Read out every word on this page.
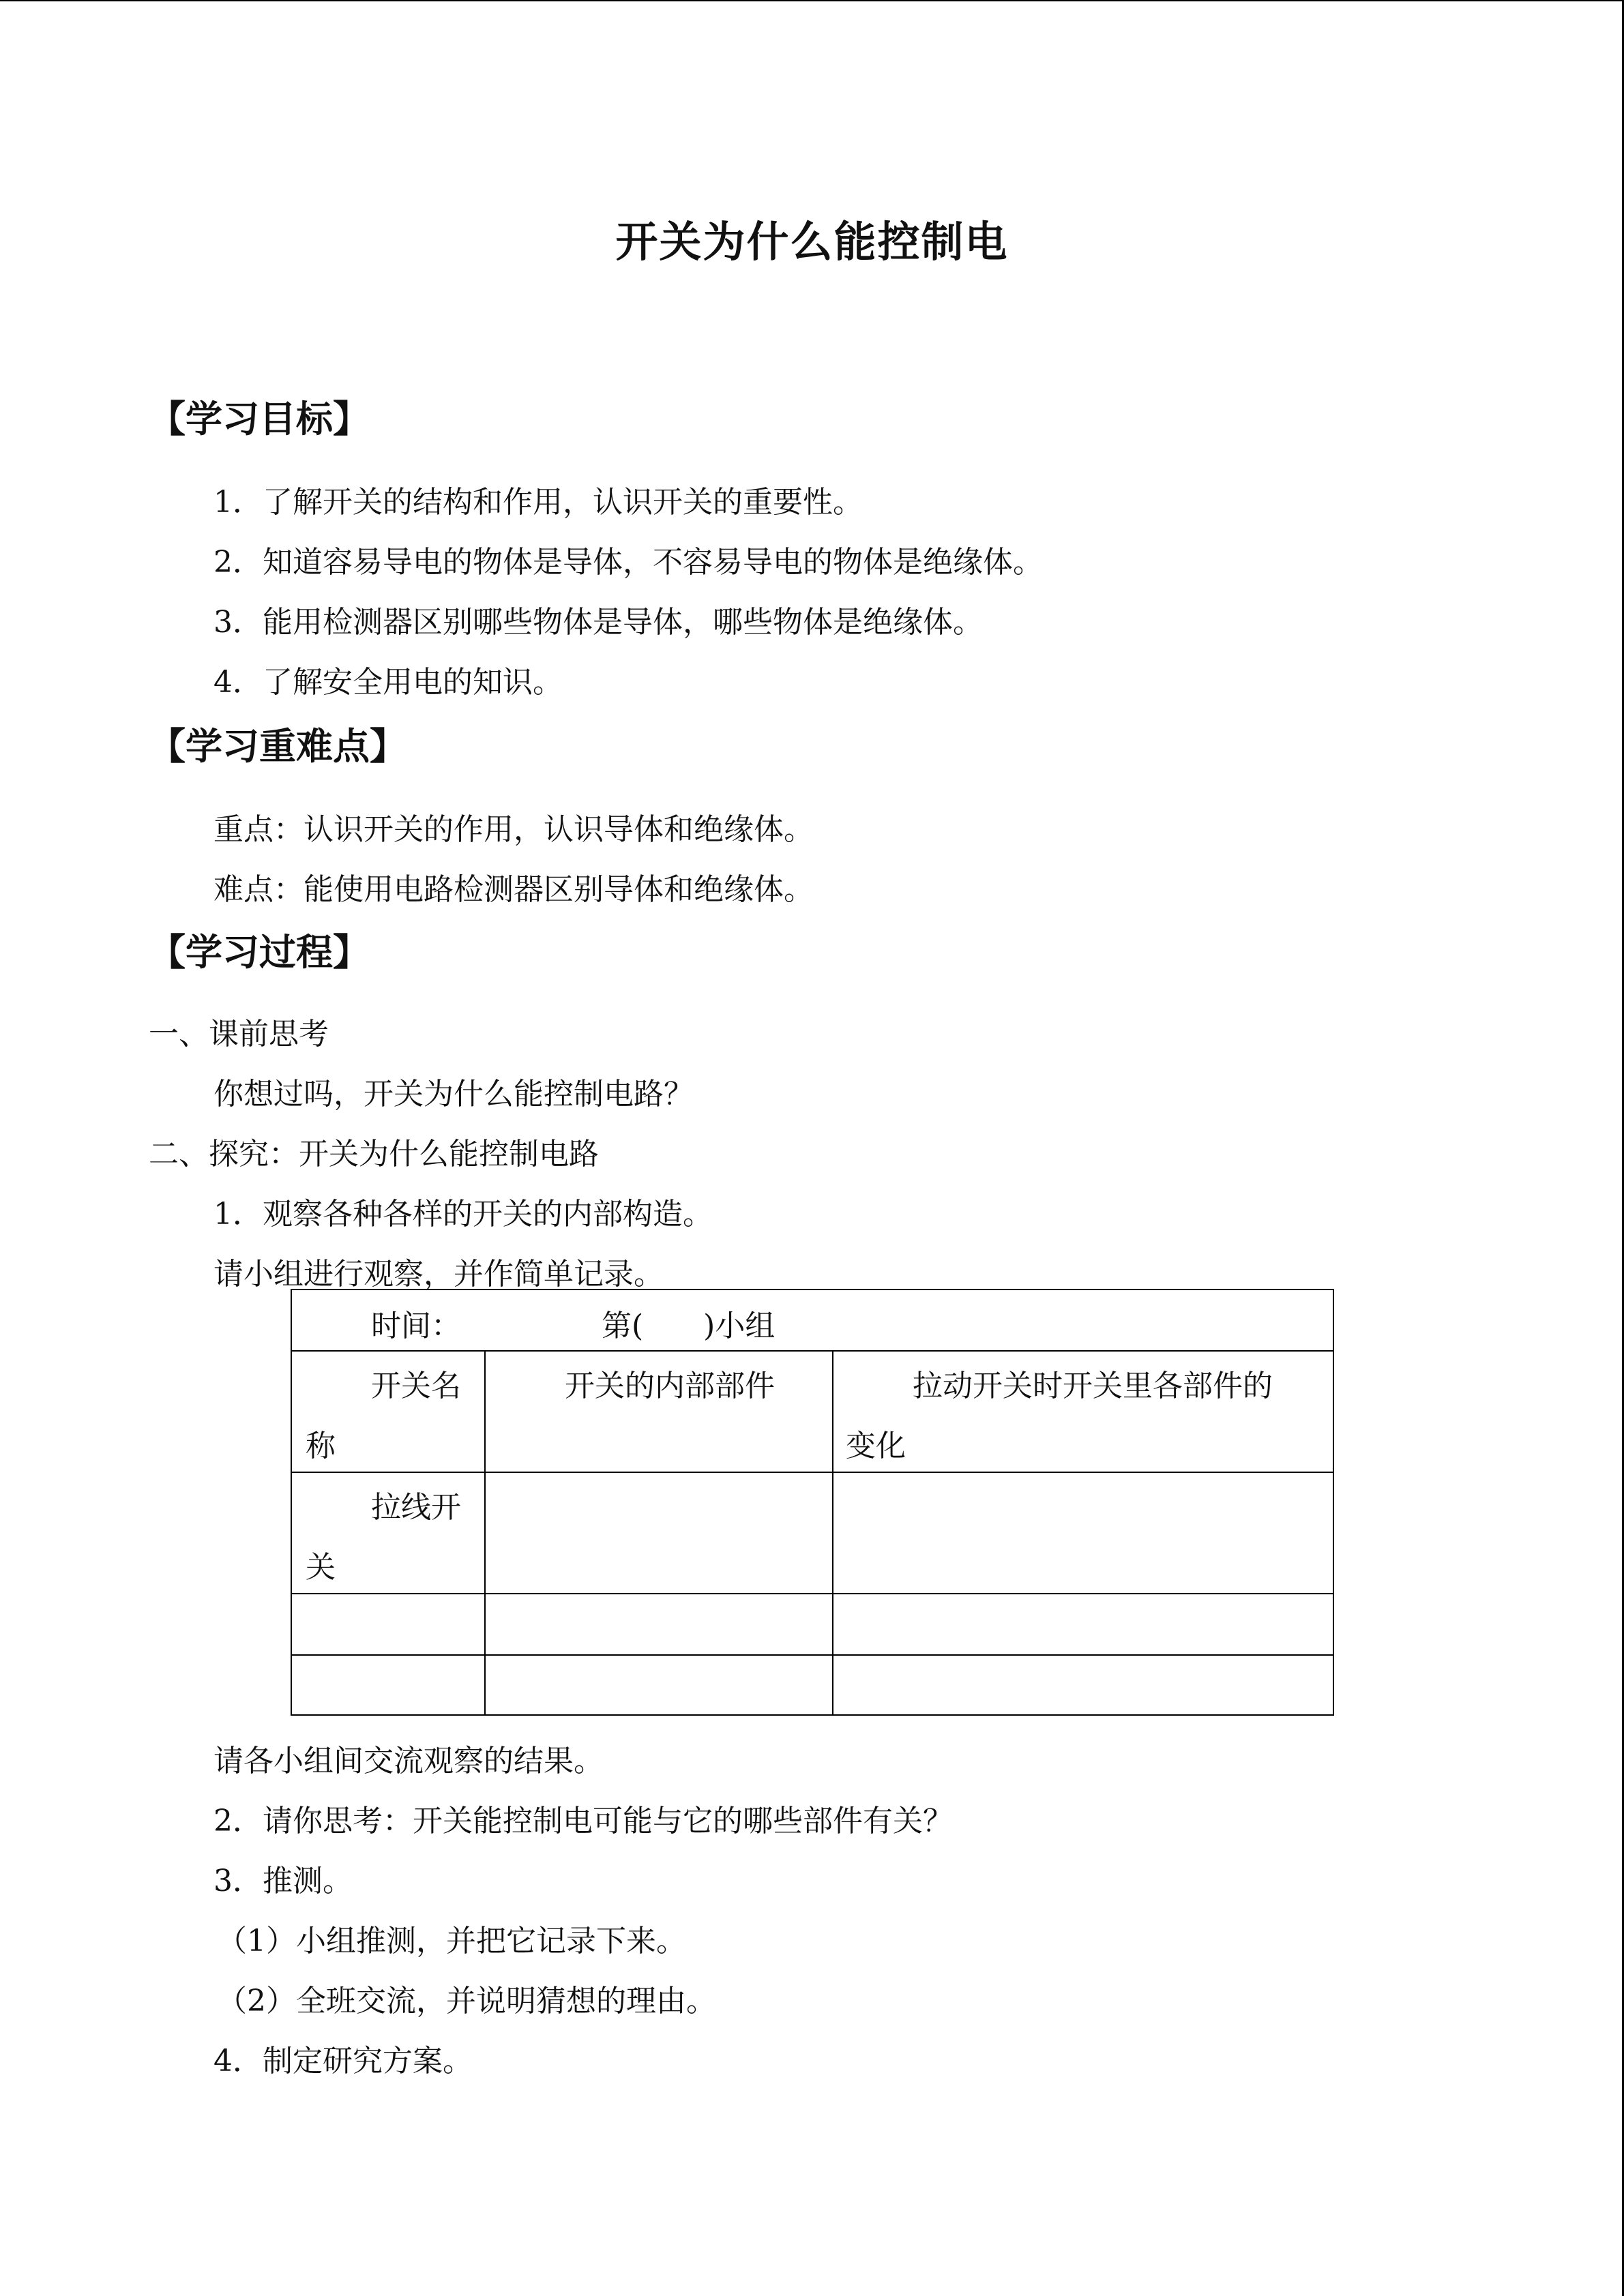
开关为什么能控制电
【学习目标】
1．了解开关的结构和作用，认识开关的重要性。
2．知道容易导电的物体是导体，不容易导电的物体是绝缘体。
3．能用检测器区别哪些物体是导体，哪些物体是绝缘体。
4．了解安全用电的知识。
【学习重难点】
重点：认识开关的作用，认识导体和绝缘体。
难点：能使用电路检测器区别导体和绝缘体。
【学习过程】
一、课前思考
你想过吗，开关为什么能控制电路？
二、探究：开关为什么能控制电路
1．观察各种各样的开关的内部构造。
请小组进行观察，并作简单记录。
时间：	第(　　)小组
开关名
称
开关的内部部件	拉动开关时开关里各部件的
变化
拉线开
关
请各小组间交流观察的结果。
2．请你思考：开关能控制电可能与它的哪些部件有关？
3．推测。
（1）小组推测，并把它记录下来。
（2）全班交流，并说明猜想的理由。
4．制定研究方案。
